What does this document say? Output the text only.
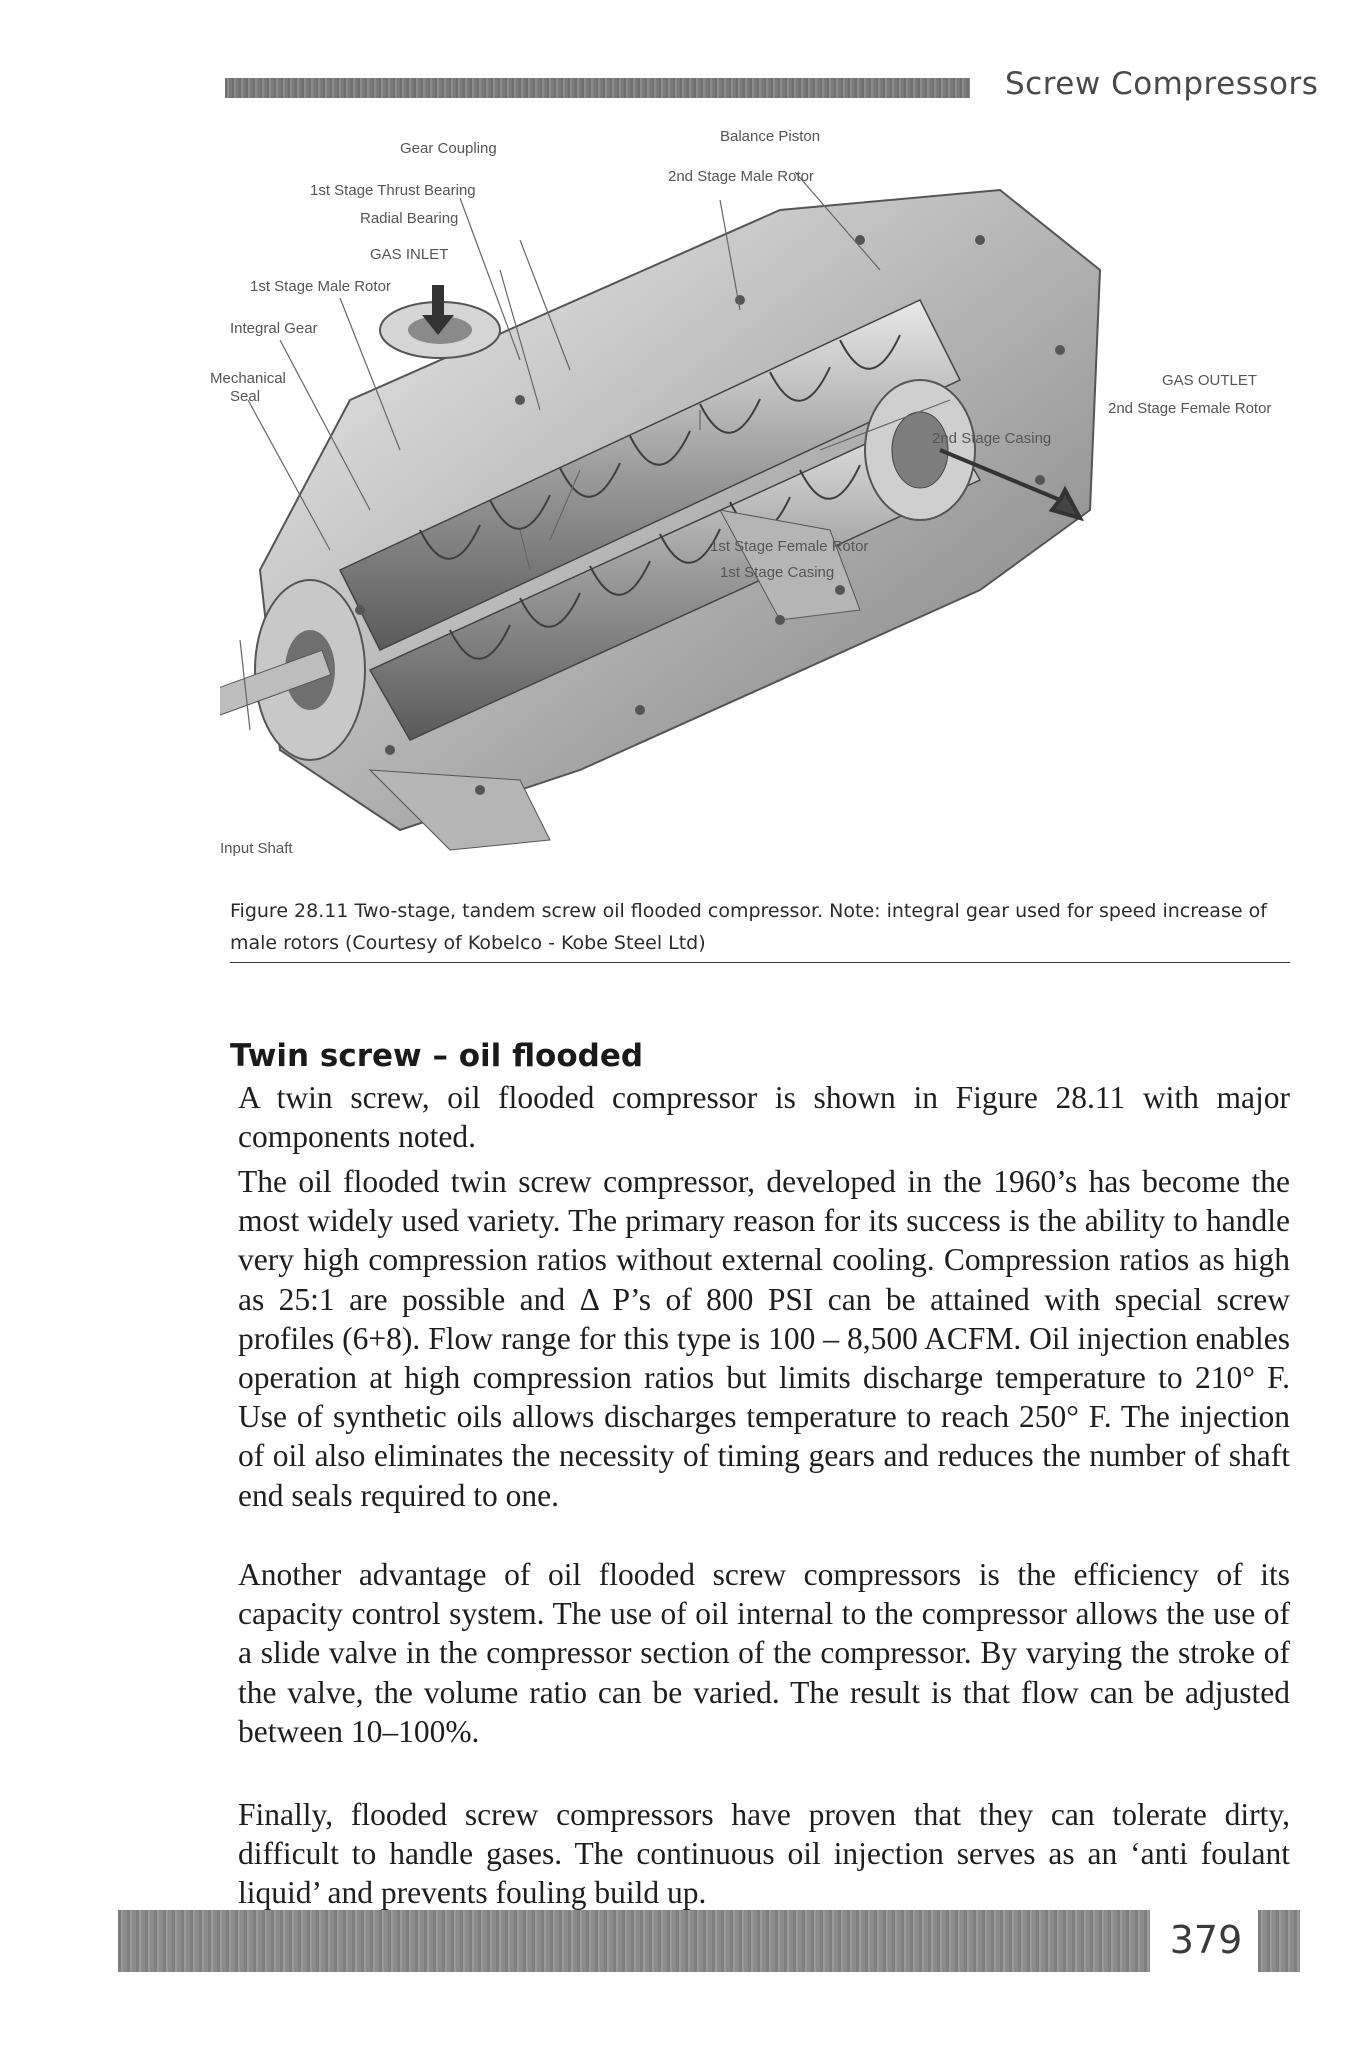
Screw Compressors
Gear Coupling
Balance Piston
1st Stage Thrust Bearing
2nd Stage Male Rotor
Radial Bearing
GAS INLET
1st Stage Male Rotor
Integral Gear
Mechanical
Seal
GAS OUTLET
2nd Stage Female Rotor
2nd Stage Casing
1st Stage Female Rotor
1st Stage Casing
Input Shaft
Figure 28.11 Two-stage, tandem screw oil flooded compressor. Note: integral gear used for speed increase of male rotors (Courtesy of Kobelco - Kobe Steel Ltd)
Twin screw – oil flooded

A twin screw, oil flooded compressor is shown in Figure 28.11 with major components noted.

The oil flooded twin screw compressor, developed in the 1960’s has become the most widely used variety. The primary reason for its success is the ability to handle very high compression ratios without external cooling. Compression ratios as high as 25:1 are possible and Δ P’s of 800 PSI can be attained with special screw profiles (6+8). Flow range for this type is 100 – 8,500 ACFM. Oil injection enables operation at high compression ratios but limits discharge temperature to 210° F. Use of synthetic oils allows discharges temperature to reach 250° F. The injection of oil also eliminates the necessity of timing gears and reduces the number of shaft end seals required to one.

Another advantage of oil flooded screw compressors is the efficiency of its capacity control system. The use of oil internal to the compressor allows the use of a slide valve in the compressor section of the compressor. By varying the stroke of the valve, the volume ratio can be varied. The result is that flow can be adjusted between 10–100%.

Finally, flooded screw compressors have proven that they can tolerate dirty, difficult to handle gases. The continuous oil injection serves as an ‘anti foulant liquid’ and prevents fouling build up.

379
